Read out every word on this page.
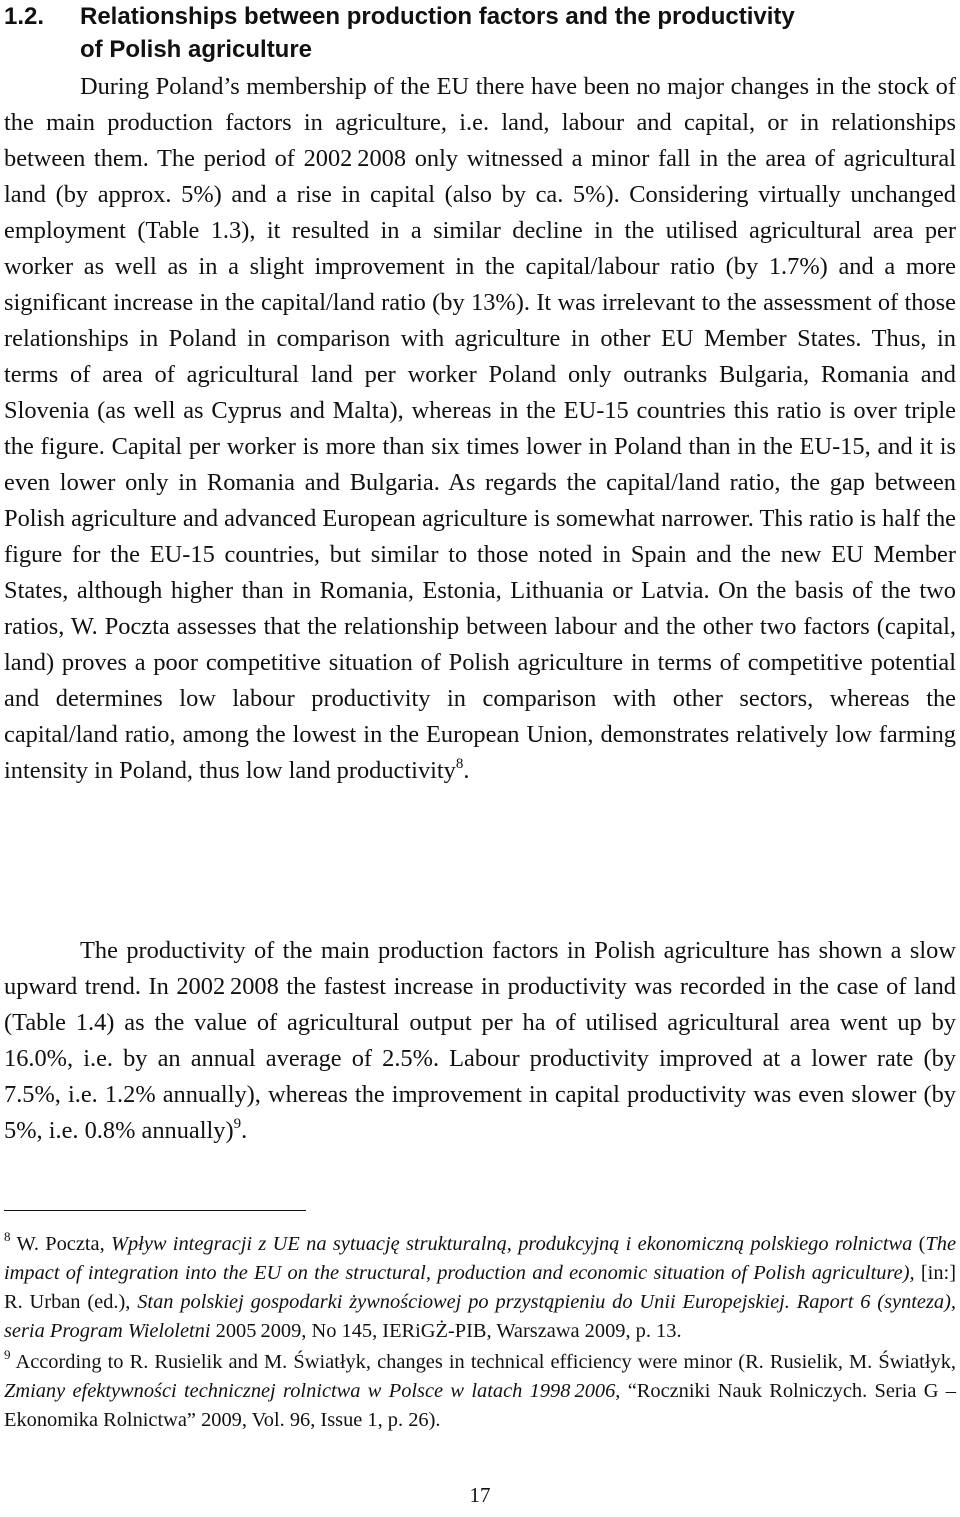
1.2. Relationships between production factors and the productivity
of Polish agriculture
During Poland’s membership of the EU there have been no major changes in the stock of the main production factors in agriculture, i.e. land, labour and capital, or in relationships between them. The period of 2002 2008 only witnessed a minor fall in the area of agricultural land (by approx. 5%) and a rise in capital (also by ca. 5%). Considering virtually unchanged employment (Table 1.3), it resulted in a similar decline in the utilised agricultural area per worker as well as in a slight improvement in the capital/labour ratio (by 1.7%) and a more significant increase in the capital/land ratio (by 13%). It was irrelevant to the assessment of those relationships in Poland in comparison with agriculture in other EU Member States. Thus, in terms of area of agricultural land per worker Poland only outranks Bulgaria, Romania and Slovenia (as well as Cyprus and Malta), whereas in the EU-15 countries this ratio is over triple the figure. Capital per worker is more than six times lower in Poland than in the EU-15, and it is even lower only in Romania and Bulgaria. As regards the capital/land ratio, the gap between Polish agriculture and advanced European agriculture is somewhat narrower. This ratio is half the figure for the EU-15 countries, but similar to those noted in Spain and the new EU Member States, although higher than in Romania, Estonia, Lithuania or Latvia. On the basis of the two ratios, W. Poczta assesses that the relationship between labour and the other two factors (capital, land) proves a poor competitive situation of Polish agriculture in terms of competitive potential and determines low labour productivity in comparison with other sectors, whereas the capital/land ratio, among the lowest in the European Union, demonstrates relatively low farming intensity in Poland, thus low land productivity$^8$.
The productivity of the main production factors in Polish agriculture has shown a slow upward trend. In 2002 2008 the fastest increase in productivity was recorded in the case of land (Table 1.4) as the value of agricultural output per ha of utilised agricultural area went up by 16.0%, i.e. by an annual average of 2.5%. Labour productivity improved at a lower rate (by 7.5%, i.e. 1.2% annually), whereas the improvement in capital productivity was even slower (by 5%, i.e. 0.8% annually)$^9$.

$^8$ W. Poczta, Wpływ integracji z UE na sytuację strukturalną, produkcyjną i ekonomiczną polskiego rolnictwa (The impact of integration into the EU on the structural, production and economic situation of Polish agriculture), [in:] R. Urban (ed.), Stan polskiej gospodarki żywnościowej po przystąpieniu do Unii Europejskiej. Raport 6 (synteza), seria Program Wieloletni 2005 2009, No 145, IERiGŻ-PIB, Warszawa 2009, p. 13.

$^9$ According to R. Rusielik and M. Światłyk, changes in technical efficiency were minor (R. Rusielik, M. Światłyk, Zmiany efektywności technicznej rolnictwa w Polsce w latach 1998 2006, “Roczniki Nauk Rolniczych. Seria G – Ekonomika Rolnictwa” 2009, Vol. 96, Issue 1, p. 26).

17
